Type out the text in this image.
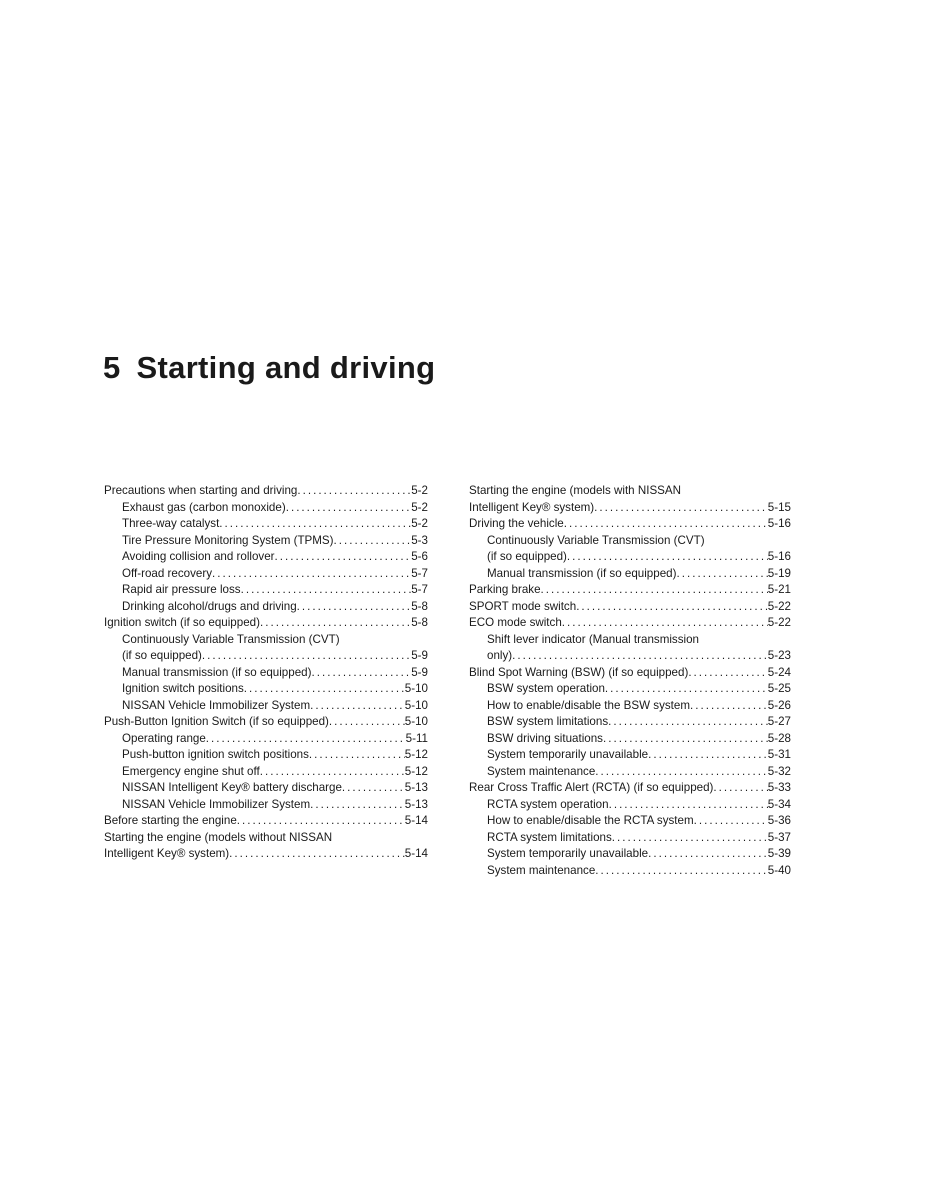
5 Starting and driving
Precautions when starting and driving . . .	5-2
Exhaust gas (carbon monoxide) . . .	5-2
Three-way catalyst . . .	5-2
Tire Pressure Monitoring System (TPMS) . . .	5-3
Avoiding collision and rollover . . .	5-6
Off-road recovery . . .	5-7
Rapid air pressure loss . . .	5-7
Drinking alcohol/drugs and driving . . .	5-8
Ignition switch (if so equipped) . . .	5-8
Continuously Variable Transmission (CVT)
(if so equipped) . . .	5-9
Manual transmission (if so equipped) . . .	5-9
Ignition switch positions . . .	5-10
NISSAN Vehicle Immobilizer System . . .	5-10
Push-Button Ignition Switch (if so equipped) . . .	5-10
Operating range . . .	5-11
Push-button ignition switch positions . . .	5-12
Emergency engine shut off . . .	5-12
NISSAN Intelligent Key® battery discharge . . .	5-13
NISSAN Vehicle Immobilizer System . . .	5-13
Before starting the engine . . .	5-14
Starting the engine (models without NISSAN
Intelligent Key® system) . . .	5-14
Starting the engine (models with NISSAN
Intelligent Key® system) . . .	5-15
Driving the vehicle . . .	5-16
Continuously Variable Transmission (CVT)
(if so equipped) . . .	5-16
Manual transmission (if so equipped) . . .	5-19
Parking brake . . .	5-21
SPORT mode switch . . .	5-22
ECO mode switch . . .	5-22
Shift lever indicator (Manual transmission
only) . . .	5-23
Blind Spot Warning (BSW) (if so equipped) . . .	5-24
BSW system operation . . .	5-25
How to enable/disable the BSW system . . .	5-26
BSW system limitations . . .	5-27
BSW driving situations . . .	5-28
System temporarily unavailable . . .	5-31
System maintenance . . .	5-32
Rear Cross Traffic Alert (RCTA) (if so equipped) . . .	5-33
RCTA system operation . . .	5-34
How to enable/disable the RCTA system . . .	5-36
RCTA system limitations . . .	5-37
System temporarily unavailable . . .	5-39
System maintenance . . .	5-40
